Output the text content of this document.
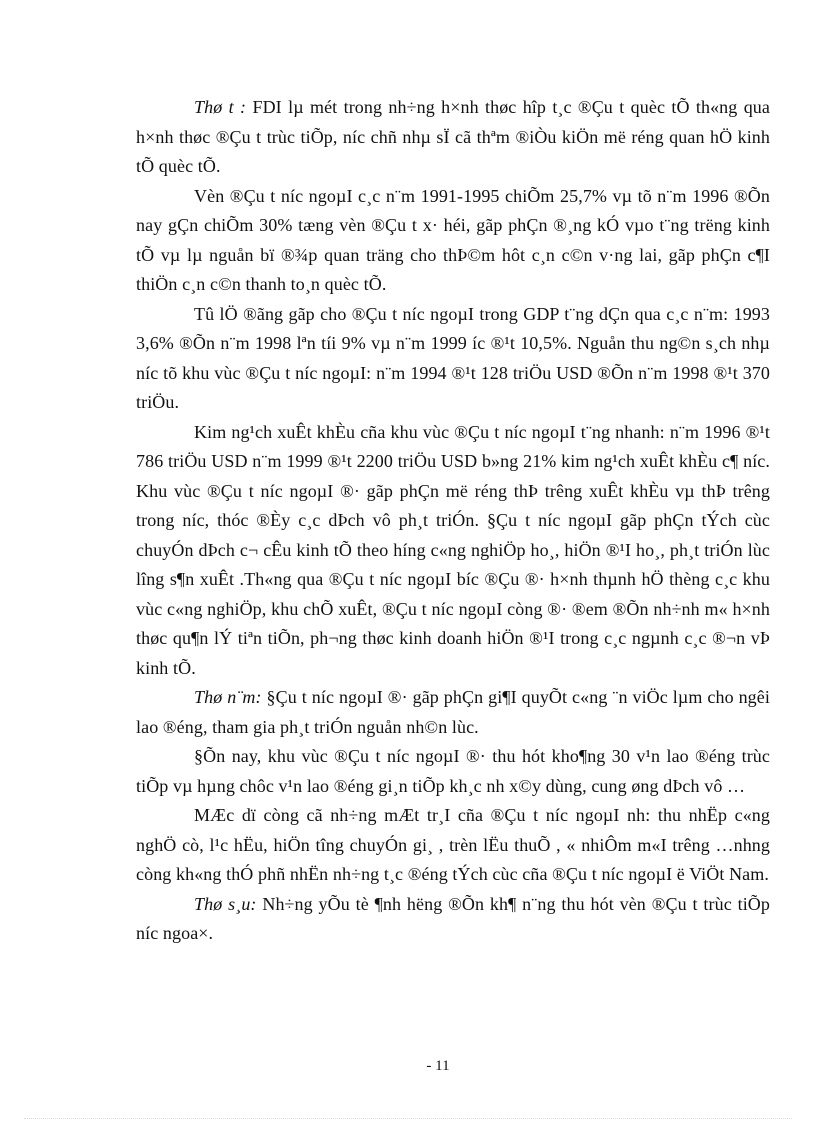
Thø t : FDI lµ mét trong nh÷ng h×nh thøc hîp t¸c ®Çu t quèc tÕ th«ng qua h×nh thøc ®Çu t trùc tiÕp, níc chñ nhµ sÏ cã thªm ®iÒu kiÖn më réng quan hÖ kinh tÕ quèc tÕ.

Vèn ®Çu t níc ngoµI c¸c n¨m 1991-1995 chiÕm 25,7% vµ tõ n¨m 1996 ®Õn nay gÇn chiÕm 30% tæng vèn ®Çu t x· héi, gãp phÇn ®¸ng kÓ vµo t¨ng trëng kinh tÕ vµ lµ nguån bï ®¾p quan träng cho thÞ©m hôt c¸n c©n v·ng lai, gãp phÇn c¶I thiÖn c¸n c©n thanh to¸n quèc tÕ.

Tû lÖ ®ãng gãp cho ®Çu t níc ngoµI trong GDP t¨ng dÇn qua c¸c n¨m: 1993 3,6% ®Õn n¨m 1998 lªn tíi 9% vµ n¨m 1999 íc ®¹t 10,5%. Nguån thu ng©n s¸ch nhµ níc tõ khu vùc ®Çu t níc ngoµI: n¨m 1994 ®¹t 128 triÖu USD ®Õn n¨m 1998 ®¹t 370 triÖu.

Kim ng¹ch xuÊt khÈu cña khu vùc ®Çu t níc ngoµI t¨ng nhanh: n¨m 1996 ®¹t 786 triÖu USD n¨m 1999 ®¹t 2200 triÖu USD b»ng 21% kim ng¹ch xuÊt khÈu c¶ níc. Khu vùc ®Çu t níc ngoµI ®· gãp phÇn më réng thÞ trêng xuÊt khÈu vµ thÞ trêng trong níc, thóc ®Èy c¸c dÞch vô ph¸t triÓn. §Çu t níc ngoµI gãp phÇn tÝch cùc chuyÓn dÞch c¬ cÊu kinh tÕ theo híng c«ng nghiÖp ho¸, hiÖn ®¹I ho¸, ph¸t triÓn lùc lîng s¶n xuÊt .Th«ng qua ®Çu t níc ngoµI bíc ®Çu ®· h×nh thµnh hÖ thèng c¸c khu vùc c«ng nghiÖp, khu chÕ xuÊt, ®Çu t níc ngoµI còng ®· ®em ®Õn nh÷nh m« h×nh thøc qu¶n lÝ tiªn tiÕn, ph¬ng thøc kinh doanh hiÖn ®¹I trong c¸c ngµnh c¸c ®¬n vÞ kinh tÕ.

Thø n¨m: §Çu t níc ngoµI ®· gãp phÇn gi¶I quyÕt c«ng ¨n viÖc lµm cho ngêi lao ®éng, tham gia ph¸t triÓn nguån nh©n lùc.

§Õn nay, khu vùc ®Çu t níc ngoµI ®· thu hót kho¶ng 30 v¹n lao ®éng trùc tiÕp vµ hµng chôc v¹n lao ®éng gi¸n tiÕp kh¸c nh x©y dùng, cung øng dÞch vô …

MÆc dï còng cã nh÷ng mÆt tr¸I cña ®Çu t níc ngoµI nh: thu nhËp c«ng nghÖ cò, l¹c hËu, hiÖn tîng chuyÓn gi¸ , trèn lËu thuÕ , « nhiÔm m«I trêng …nhng còng kh«ng thÓ phñ nhËn nh÷ng t¸c ®éng tÝch cùc cña ®Çu t níc ngoµI ë ViÖt Nam.

Thø s¸u: Nh÷ng yÕu tè ¶nh hëng ®Õn kh¶ n¨ng thu hót vèn ®Çu t trùc tiÕp níc ngoa×.

- 11
